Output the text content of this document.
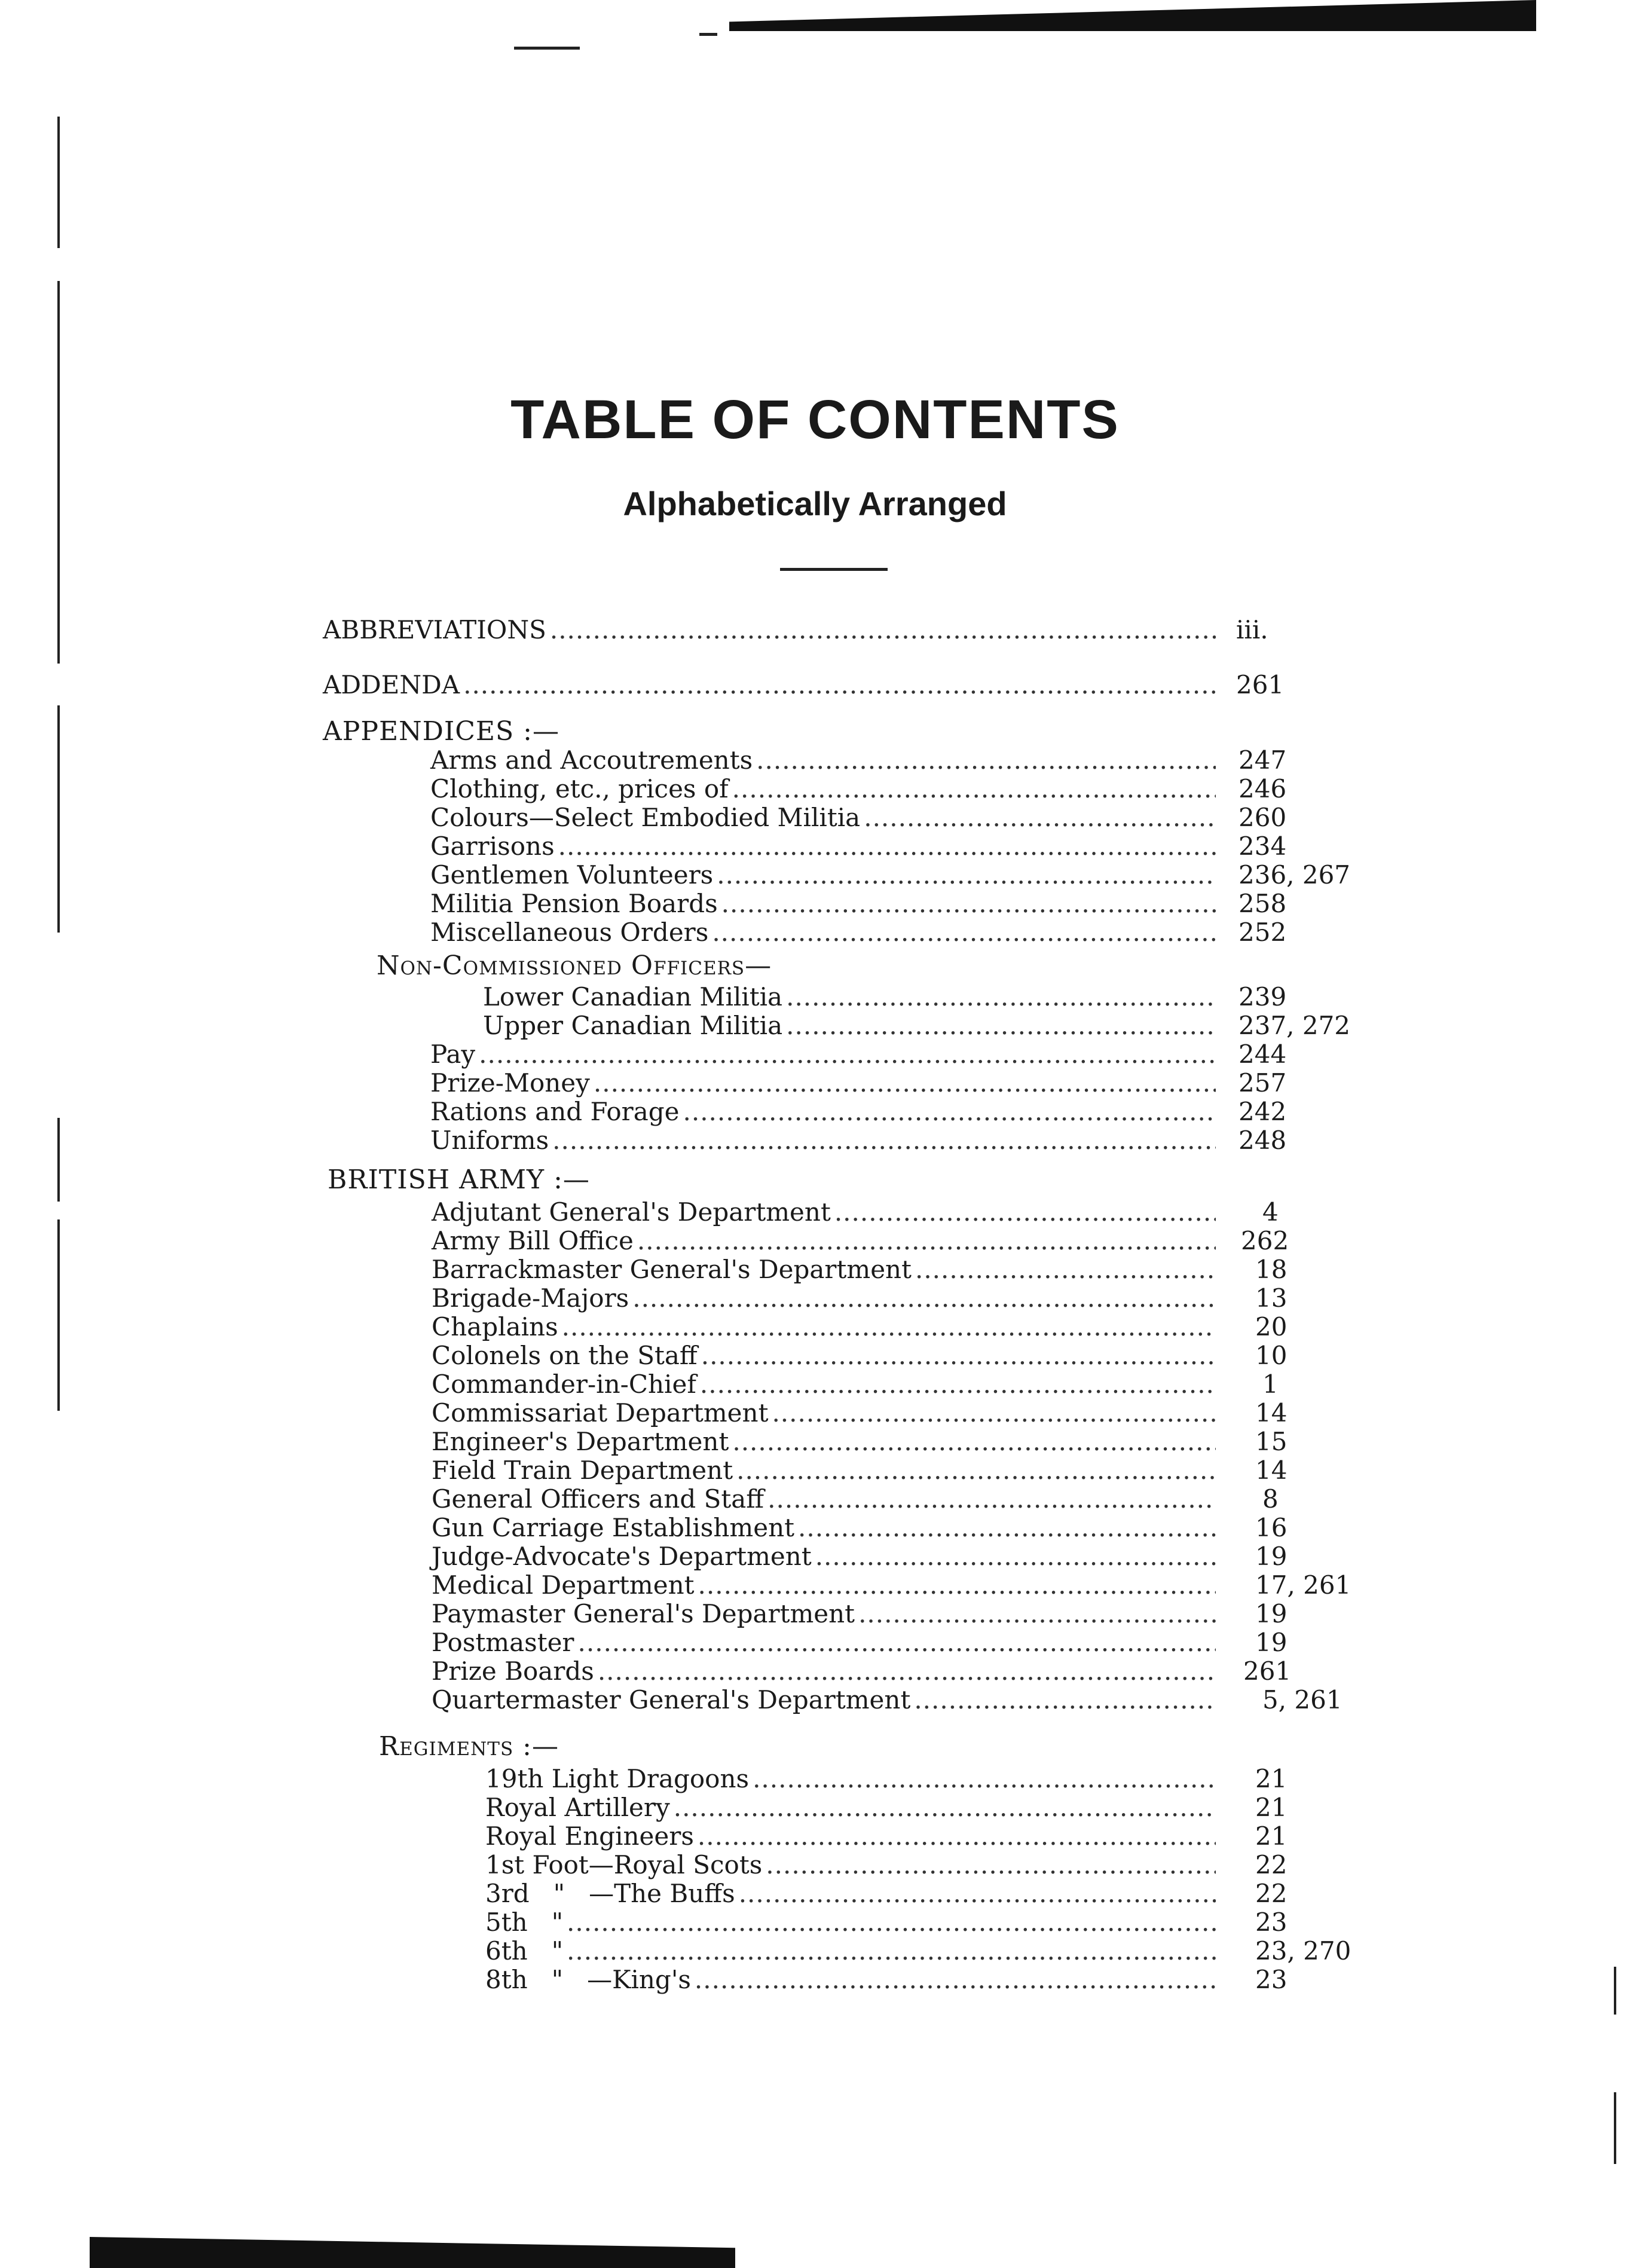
TABLE OF CONTENTS
Alphabetically Arranged
ABBREVIATIONS .....	iii.
ADDENDA .....	261
APPENDICES :—
Arms and Accoutrements .....	247
Clothing, etc., prices of .....	246
Colours—Select Embodied Militia .....	260
Garrisons .....	234
Gentlemen Volunteers .....	236, 267
Militia Pension Boards .....	258
Miscellaneous Orders .....	252
Non-Commissioned Officers—
Lower Canadian Militia .....	239
Upper Canadian Militia .....	237, 272
Pay .....	244
Prize-Money .....	257
Rations and Forage .....	242
Uniforms .....	248
BRITISH ARMY :—
Adjutant General's Department .....	4
Army Bill Office .....	262
Barrackmaster General's Department .....	18
Brigade-Majors .....	13
Chaplains .....	20
Colonels on the Staff .....	10
Commander-in-Chief .....	1
Commissariat Department .....	14
Engineer's Department .....	15
Field Train Department .....	14
General Officers and Staff .....	8
Gun Carriage Establishment .....	16
Judge-Advocate's Department .....	19
Medical Department .....	17, 261
Paymaster General's Department .....	19
Postmaster .....	19
Prize Boards .....	261
Quartermaster General's Department .....	5, 261
Regiments :—
19th Light Dragoons .....	21
Royal Artillery .....	21
Royal Engineers .....	21
1st Foot—Royal Scots .....	22
3rd   "   —The Buffs .....	22
5th   " .....	23
6th   " .....	23, 270
8th   "   —King's .....	23
